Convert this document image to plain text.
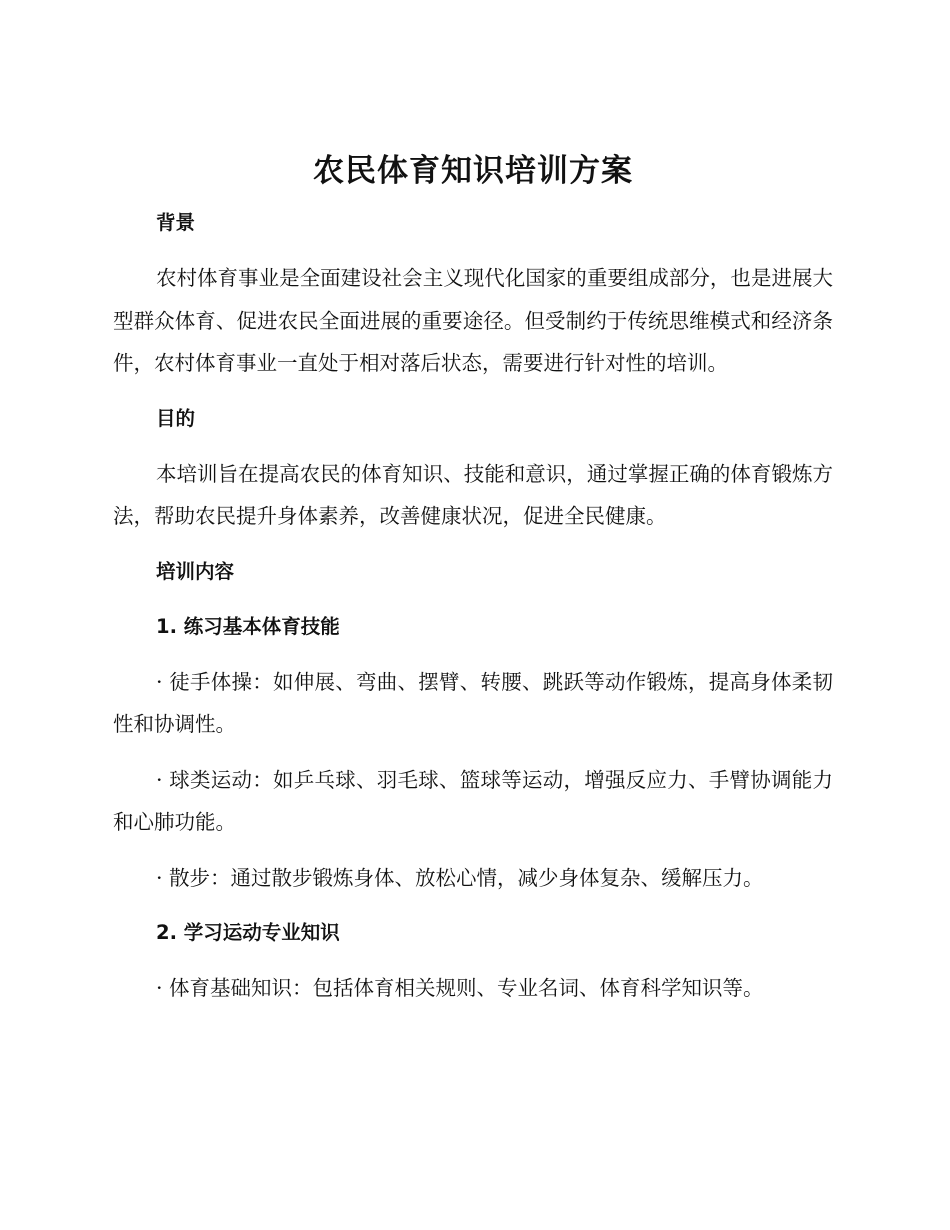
农民体育知识培训方案
背景

农村体育事业是全面建设社会主义现代化国家的重要组成部分，也是进展大型群众体育、促进农民全面进展的重要途径。但受制约于传统思维模式和经济条件，农村体育事业一直处于相对落后状态，需要进行针对性的培训。

目的

本培训旨在提高农民的体育知识、技能和意识，通过掌握正确的体育锻炼方法，帮助农民提升身体素养，改善健康状况，促进全民健康。

培训内容
1. 练习基本体育技能

· 徒手体操：如伸展、弯曲、摆臂、转腰、跳跃等动作锻炼，提高身体柔韧性和协调性。

· 球类运动：如乒乓球、羽毛球、篮球等运动，增强反应力、手臂协调能力和心肺功能。

· 散步：通过散步锻炼身体、放松心情，减少身体复杂、缓解压力。

2. 学习运动专业知识

· 体育基础知识：包括体育相关规则、专业名词、体育科学知识等。
